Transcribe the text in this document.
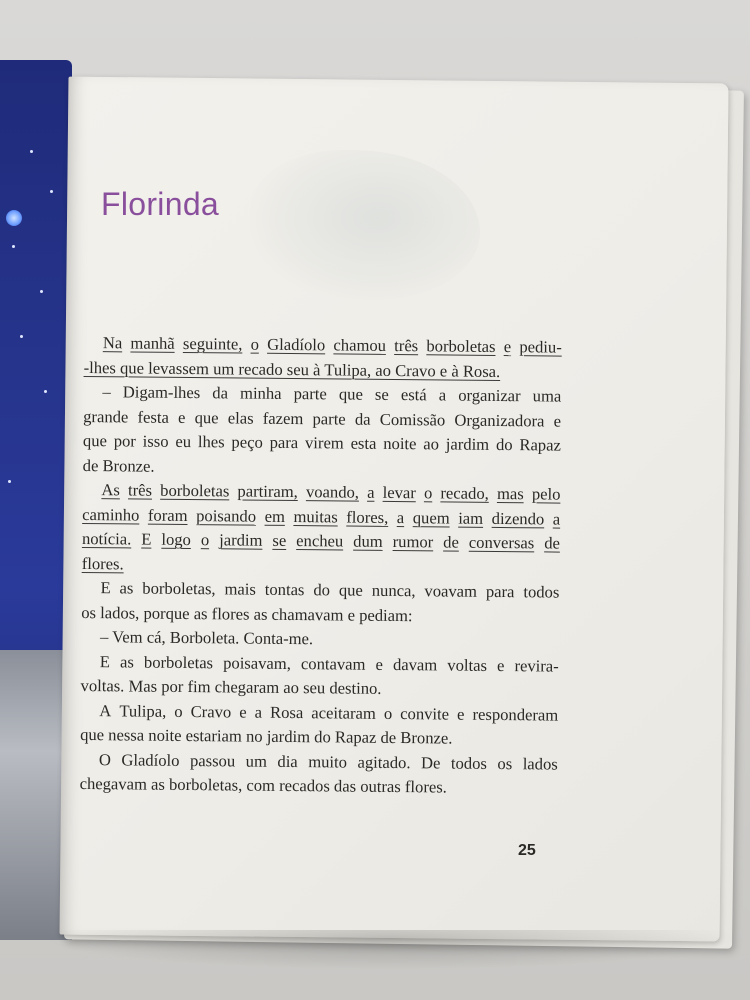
Florinda
Na manhã seguinte, o Gladíolo chamou três borboletas e pediu-
-lhes que levassem um recado seu à Tulipa, ao Cravo e à Rosa.
– Digam-lhes da minha parte que se está a organizar uma
grande festa e que elas fazem parte da Comissão Organizadora e
que por isso eu lhes peço para virem esta noite ao jardim do Rapaz
de Bronze.
As três borboletas partiram, voando, a levar o recado, mas pelo
caminho foram poisando em muitas flores, a quem iam dizendo a
notícia. E logo o jardim se encheu dum rumor de conversas de
flores.
E as borboletas, mais tontas do que nunca, voavam para todos
os lados, porque as flores as chamavam e pediam:
– Vem cá, Borboleta. Conta-me.
E as borboletas poisavam, contavam e davam voltas e revira-
voltas. Mas por fim chegaram ao seu destino.
A Tulipa, o Cravo e a Rosa aceitaram o convite e responderam
que nessa noite estariam no jardim do Rapaz de Bronze.
O Gladíolo passou um dia muito agitado. De todos os lados
chegavam as borboletas, com recados das outras flores.
25
